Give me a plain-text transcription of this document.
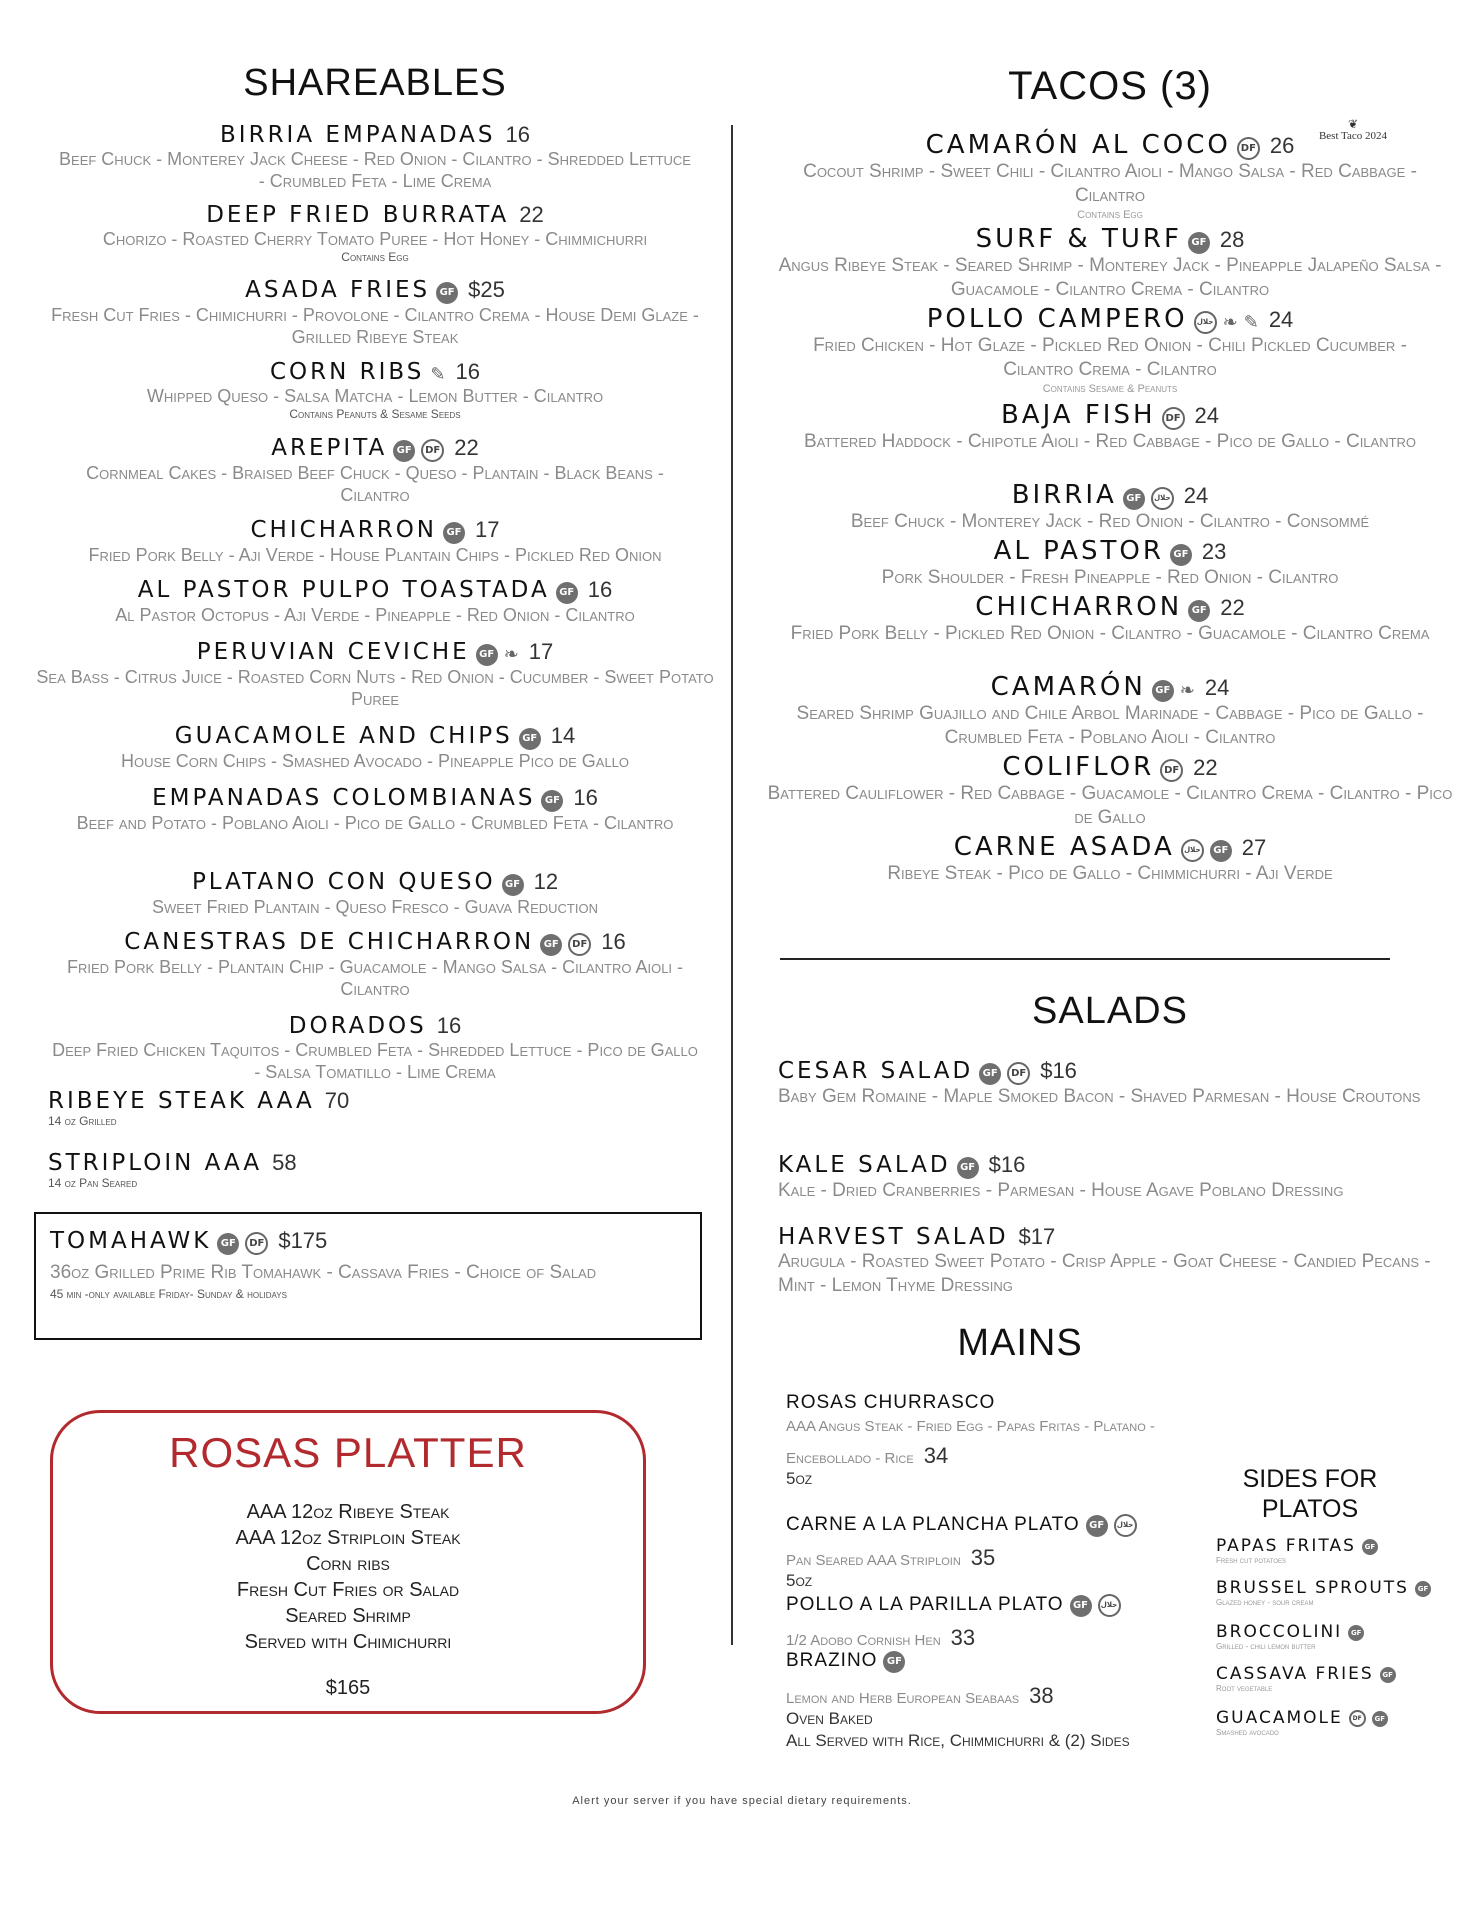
SHAREABLES
BIRRIA EMPANADAS 16
Beef Chuck - Monterey Jack Cheese - Red Onion - Cilantro - Shredded Lettuce - Crumbled Feta - Lime Crema
DEEP FRIED BURRATA 22
Chorizo - Roasted Cherry Tomato Puree - Hot Honey - Chimmichurri
Contains Egg
ASADA FRIES GF $25
Fresh Cut Fries - Chimichurri - Provolone - Cilantro Crema - House Demi Glaze - Grilled Ribeye Steak
CORN RIBS ✎ 16
Whipped Queso - Salsa Matcha - Lemon Butter - Cilantro
Contains Peanuts & Sesame Seeds
AREPITA GF DF 22
Cornmeal Cakes - Braised Beef Chuck - Queso - Plantain - Black Beans - Cilantro
CHICHARRON GF 17
Fried Pork Belly - Aji Verde - House Plantain Chips - Pickled Red Onion
AL PASTOR PULPO TOASTADA GF 16
Al Pastor Octopus - Aji Verde - Pineapple - Red Onion - Cilantro
PERUVIAN CEVICHE GF ❧ 17
Sea Bass - Citrus Juice - Roasted Corn Nuts - Red Onion - Cucumber - Sweet Potato Puree
GUACAMOLE AND CHIPS GF 14
House Corn Chips - Smashed Avocado - Pineapple Pico de Gallo
EMPANADAS COLOMBIANAS GF 16
Beef and Potato - Poblano Aioli - Pico de Gallo - Crumbled Feta - Cilantro
PLATANO CON QUESO GF 12
Sweet Fried Plantain - Queso Fresco - Guava Reduction
CANESTRAS DE CHICHARRON GF DF 16
Fried Pork Belly - Plantain Chip - Guacamole - Mango Salsa - Cilantro Aioli - Cilantro
DORADOS 16
Deep Fried Chicken Taquitos - Crumbled Feta - Shredded Lettuce - Pico de Gallo - Salsa Tomatillo - Lime Crema
RIBEYE STEAK AAA 70
14 oz Grilled
STRIPLOIN AAA 58
14 oz Pan Seared
TOMAHAWK GF DF $175
36oz Grilled Prime Rib Tomahawk - Cassava Fries - Choice of Salad
45 min -only available Friday- Sunday & holidays
ROSAS PLATTER
AAA 12oz Ribeye Steak
AAA 12oz Striploin Steak
Corn ribs
Fresh Cut Fries or Salad
Seared Shrimp
Served with Chimichurri
$165
TACOS (3)
❦
Best Taco 2024
CAMARÓN AL COCO DF 26
Cocout Shrimp - Sweet Chili - Cilantro Aioli - Mango Salsa - Red Cabbage - Cilantro
Contains Egg
SURF & TURF GF 28
Angus Ribeye Steak - Seared Shrimp - Monterey Jack - Pineapple Jalapeño Salsa - Guacamole - Cilantro Crema - Cilantro
POLLO CAMPERO حلال ❧ ✎ 24
Fried Chicken - Hot Glaze - Pickled Red Onion - Chili Pickled Cucumber - Cilantro Crema - Cilantro
Contains Sesame & Peanuts
BAJA FISH DF 24
Battered Haddock - Chipotle Aioli - Red Cabbage - Pico de Gallo - Cilantro
BIRRIA GF حلال 24
Beef Chuck - Monterey Jack - Red Onion - Cilantro - Consommé
AL PASTOR GF 23
Pork Shoulder - Fresh Pineapple - Red Onion - Cilantro
CHICHARRON GF 22
Fried Pork Belly - Pickled Red Onion - Cilantro - Guacamole - Cilantro Crema
CAMARÓN GF ❧ 24
Seared Shrimp Guajillo and Chile Arbol Marinade - Cabbage - Pico de Gallo - Crumbled Feta - Poblano Aioli - Cilantro
COLIFLOR DF 22
Battered Cauliflower - Red Cabbage - Guacamole - Cilantro Crema - Cilantro - Pico de Gallo
CARNE ASADA حلال GF 27
Ribeye Steak - Pico de Gallo - Chimmichurri - Aji Verde
SALADS
CESAR SALAD GF DF $16
Baby Gem Romaine - Maple Smoked Bacon - Shaved Parmesan - House Croutons
KALE SALAD GF $16
Kale - Dried Cranberries - Parmesan - House Agave Poblano Dressing
HARVEST SALAD $17
Arugula - Roasted Sweet Potato - Crisp Apple - Goat Cheese - Candied Pecans - Mint - Lemon Thyme Dressing
MAINS
ROSAS CHURRASCO
AAA Angus Steak - Fried Egg - Papas Fritas - Platano -
Encebollado - Rice 34
5oz
CARNE A LA PLANCHA PLATO GF حلال
Pan Seared AAA Striploin 35
5oz
POLLO A LA PARILLA PLATO GF حلال
1/2 Adobo Cornish Hen 33
BRAZINO GF
Lemon and Herb European Seabaas 38
Oven Baked
All Served with Rice, Chimmichurri & (2) Sides
SIDES FOR PLATOS
PAPAS FRITAS GF
Fresh cut potatoes
BRUSSEL SPROUTS GF
Glazed honey - sour cream
BROCCOLINI GF
Grilled - chili lemon butter
CASSAVA FRIES GF
Root vegetable
GUACAMOLE DF GF
Smashed avocado
Alert your server if you have special dietary requirements.
